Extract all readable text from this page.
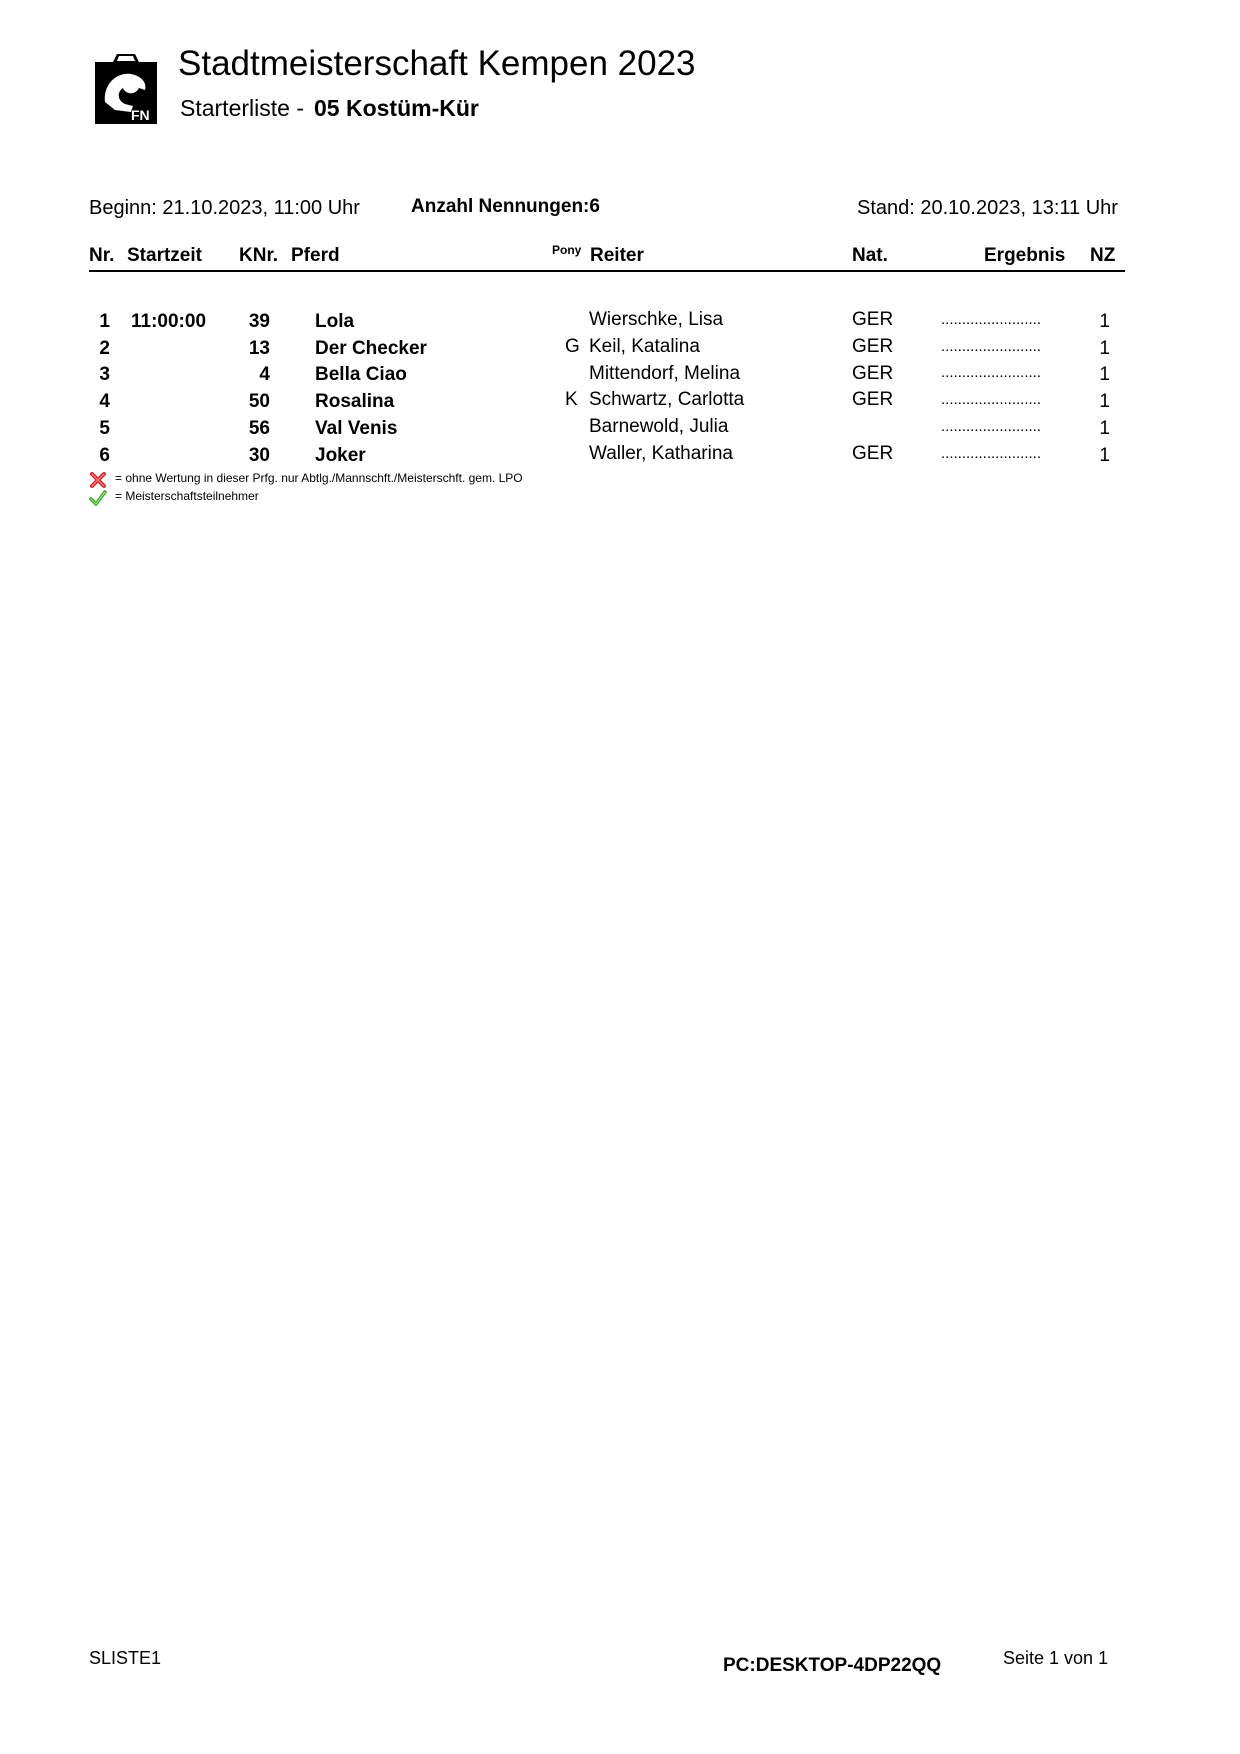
FN
Stadtmeisterschaft Kempen 2023
Starterliste - 05 Kostüm-Kür
Beginn: 21.10.2023, 11:00 Uhr	Anzahl Nennungen:6	Stand: 20.10.2023, 13:11 Uhr
Nr. Startzeit KNr. Pferd	Pony Reiter	Nat.	Ergebnis NZ
1 11:00:00	39 Lola	Wierschke, Lisa	GER	........................	1
2	13 Der Checker	G Keil, Katalina	GER	........................	1
3	4 Bella Ciao	Mittendorf, Melina	GER	........................	1
4	50 Rosalina	K Schwartz, Carlotta	GER	........................	1
5	56 Val Venis	Barnewold, Julia	........................	1
6	30 Joker	Waller, Katharina	GER	........................	1
= ohne Wertung in dieser Prfg. nur Abtlg./Mannschft./Meisterschft. gem. LPO
= Meisterschaftsteilnehmer
SLISTE1	PC:DESKTOP-4DP22QQ	Seite 1 von 1
